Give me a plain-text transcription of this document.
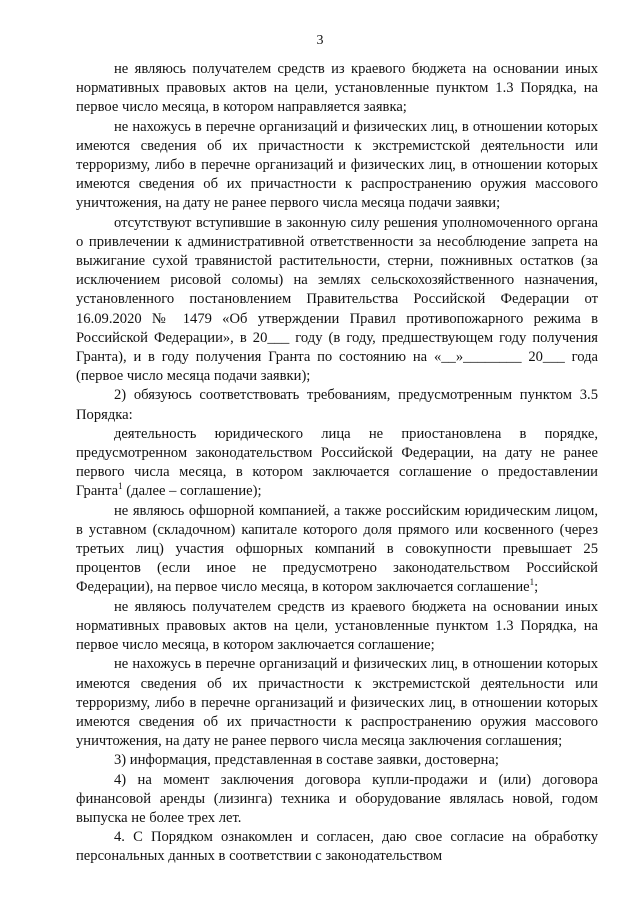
3

не являюсь получателем средств из краевого бюджета на основании иных нормативных правовых актов на цели, установленные пунктом 1.3 Порядка, на первое число месяца, в котором направляется заявка;

не нахожусь в перечне организаций и физических лиц, в отношении которых имеются сведения об их причастности к экстремистской деятельности или терроризму, либо в перечне организаций и физических лиц, в отношении которых имеются сведения об их причастности к распространению оружия массового уничтожения, на дату не ранее первого числа месяца подачи заявки;

отсутствуют вступившие в законную силу решения уполномоченного органа о привлечении к административной ответственности за несоблюдение запрета на выжигание сухой травянистой растительности, стерни, пожнивных остатков (за исключением рисовой соломы) на землях сельскохозяйственного назначения, установленного постановлением Правительства Российской Федерации от 16.09.2020 № 1479 «Об утверждении Правил противопожарного режима в Российской Федерации», в 20___ году (в году, предшествующем году получения Гранта), и в году получения Гранта по состоянию на «__»________ 20___ года (первое число месяца подачи заявки);

2) обязуюсь соответствовать требованиям, предусмотренным пунктом 3.5 Порядка:

деятельность юридического лица не приостановлена в порядке, предусмотренном законодательством Российской Федерации, на дату не ранее первого числа месяца, в котором заключается соглашение о предоставлении Гранта$^1$ (далее – соглашение);

не являюсь офшорной компанией, а также российским юридическим лицом, в уставном (складочном) капитале которого доля прямого или косвенного (через третьих лиц) участия офшорных компаний в совокупности превышает 25 процентов (если иное не предусмотрено законодательством Российской Федерации), на первое число месяца, в котором заключается соглашение$^1$;

не являюсь получателем средств из краевого бюджета на основании иных нормативных правовых актов на цели, установленные пунктом 1.3 Порядка, на первое число месяца, в котором заключается соглашение;

не нахожусь в перечне организаций и физических лиц, в отношении которых имеются сведения об их причастности к экстремистской деятельности или терроризму, либо в перечне организаций и физических лиц, в отношении которых имеются сведения об их причастности к распространению оружия массового уничтожения, на дату не ранее первого числа месяца заключения соглашения;

3) информация, представленная в составе заявки, достоверна;

4) на момент заключения договора купли-продажи и (или) договора финансовой аренды (лизинга) техника и оборудование являлась новой, годом выпуска не более трех лет.

4. С Порядком ознакомлен и согласен, даю свое согласие на обработку персональных данных в соответствии с законодательством
